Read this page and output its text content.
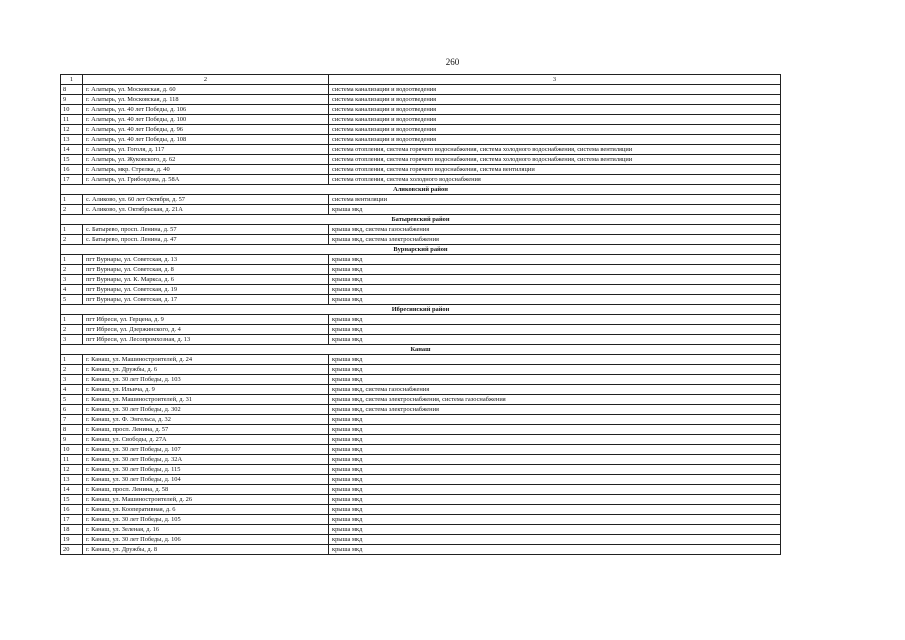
260
1	2	3
8	г. Алатырь, ул. Московская, д. 60	система канализации и водоотведения
9	г. Алатырь, ул. Московская, д. 118	система канализации и водоотведения
10	г. Алатырь, ул. 40 лет Победы, д. 106	система канализации и водоотведения
11	г. Алатырь, ул. 40 лет Победы, д. 100	система канализации и водоотведения
12	г. Алатырь, ул. 40 лет Победы, д. 96	система канализации и водоотведения
13	г. Алатырь, ул. 40 лет Победы, д. 108	система канализации и водоотведения
14	г. Алатырь, ул. Гоголя, д. 117	система отопления, система горячего водоснабжения, система холодного водоснабжения, система вентиляции
15	г. Алатырь, ул. Жуковского, д. 62	система отопления, система горячего водоснабжения, система холодного водоснабжения, система вентиляции
16	г. Алатырь, мкр. Стрелка, д. 40	система отопления, система горячего водоснабжения, система вентиляции
17	г. Алатырь, ул. Грибоедова, д. 58А	система отопления, система холодного водоснабжения
Аликовский район		
1	с. Аликово, ул. 60 лет Октября, д. 57	система вентиляции
2	с. Аликово, ул. Октябрьская, д. 21А	крыша мкд
Батыревский район		
1	с. Батырево, просп. Ленина, д. 57	крыша мкд, система газоснабжения
2	с. Батырево, просп. Ленина, д. 47	крыша мкд, система электроснабжения
Вурнарский район		
1	пгт Вурнары, ул. Советская, д. 13	крыша мкд
2	пгт Вурнары, ул. Советская, д. 8	крыша мкд
3	пгт Вурнары, ул. К. Маркса, д. 6	крыша мкд
4	пгт Вурнары, ул. Советская, д. 19	крыша мкд
5	пгт Вурнары, ул. Советская, д. 17	крыша мкд
Ибресинский район		
1	пгт Ибреси, ул. Герцена, д. 9	крыша мкд
2	пгт Ибреси, ул. Дзержинского, д. 4	крыша мкд
3	пгт Ибреси, ул. Лесопромхозная, д. 13	крыша мкд
Канаш		
1	г. Канаш, ул. Машиностроителей, д. 24	крыша мкд
2	г. Канаш, ул. Дружбы, д. 6	крыша мкд
3	г. Канаш, ул. 30 лет Победы, д. 103	крыша мкд
4	г. Канаш, ул. Ильича, д. 9	крыша мкд, система газоснабжения
5	г. Канаш, ул. Машиностроителей, д. 31	крыша мкд, система электроснабжения, система газоснабжения
6	г. Канаш, ул. 30 лет Победы, д. 302	крыша мкд, система электроснабжения
7	г. Канаш, ул. Ф. Энгельса, д. 32	крыша мкд
8	г. Канаш, просп. Ленина, д. 57	крыша мкд
9	г. Канаш, ул. Свободы, д. 27А	крыша мкд
10	г. Канаш, ул. 30 лет Победы, д. 107	крыша мкд
11	г. Канаш, ул. 30 лет Победы, д. 32А	крыша мкд
12	г. Канаш, ул. 30 лет Победы, д. 115	крыша мкд
13	г. Канаш, ул. 30 лет Победы, д. 104	крыша мкд
14	г. Канаш, просп. Ленина, д. 58	крыша мкд
15	г. Канаш, ул. Машиностроителей, д. 26	крыша мкд
16	г. Канаш, ул. Кооперативная, д. 6	крыша мкд
17	г. Канаш, ул. 30 лет Победы, д. 105	крыша мкд
18	г. Канаш, ул. Зеленая, д. 16	крыша мкд
19	г. Канаш, ул. 30 лет Победы, д. 106	крыша мкд
20	г. Канаш, ул. Дружбы, д. 8	крыша мкд
